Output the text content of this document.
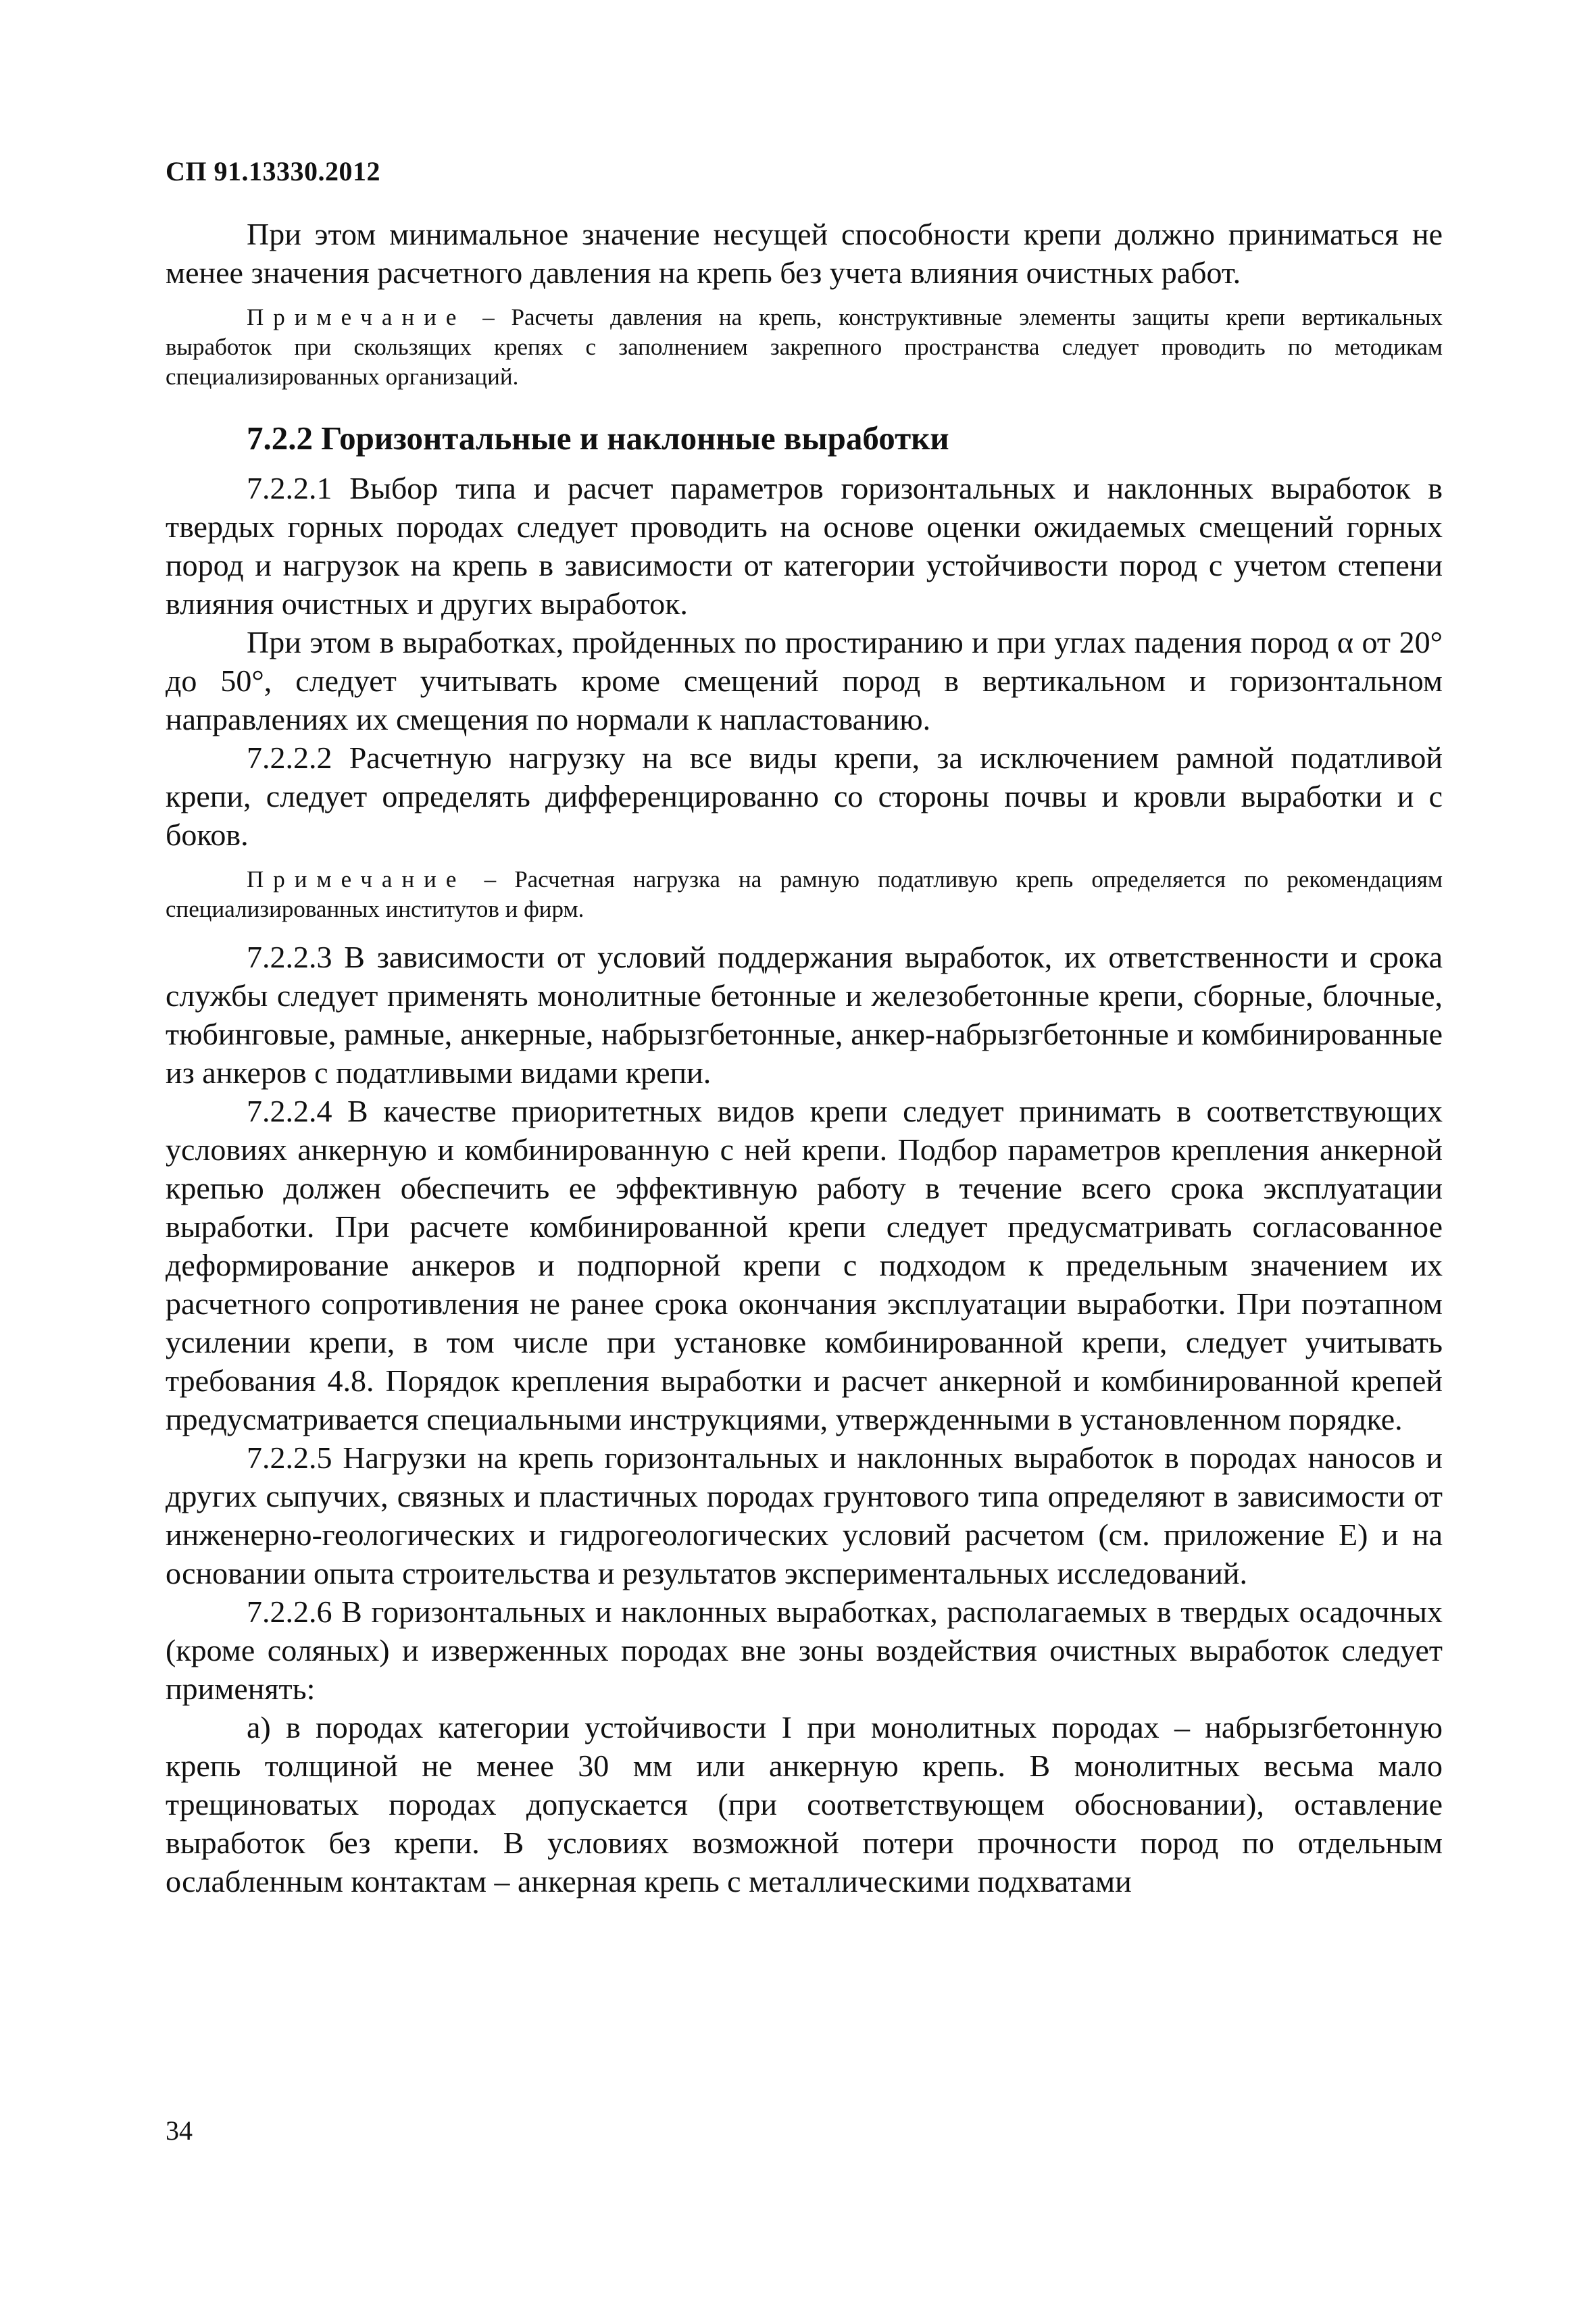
СП 91.13330.2012

При этом минимальное значение несущей способности крепи должно приниматься не менее значения расчетного давления на крепь без учета влияния очистных работ.

Примечание – Расчеты давления на крепь, конструктивные элементы защиты крепи вертикальных выработок при скользящих крепях с заполнением закрепного пространства следует проводить по методикам специализированных организаций.

7.2.2 Горизонтальные и наклонные выработки

7.2.2.1 Выбор типа и расчет параметров горизонтальных и наклонных выработок в твердых горных породах следует проводить на основе оценки ожидаемых смещений горных пород и нагрузок на крепь в зависимости от категории устойчивости пород с учетом степени влияния очистных и других выработок.

При этом в выработках, пройденных по простиранию и при углах падения пород α от 20° до 50°, следует учитывать кроме смещений пород в вертикальном и горизонтальном направлениях их смещения по нормали к напластованию.

7.2.2.2 Расчетную нагрузку на все виды крепи, за исключением рамной податливой крепи, следует определять дифференцированно со стороны почвы и кровли выработки и с боков.

Примечание – Расчетная нагрузка на рамную податливую крепь определяется по рекомендациям специализированных институтов и фирм.

7.2.2.3 В зависимости от условий поддержания выработок, их ответственности и срока службы следует применять монолитные бетонные и железобетонные крепи, сборные, блочные, тюбинговые, рамные, анкерные, набрызгбетонные, анкер-набрызгбетонные и комбинированные из анкеров с податливыми видами крепи.

7.2.2.4 В качестве приоритетных видов крепи следует принимать в соответствующих условиях анкерную и комбинированную с ней крепи. Подбор параметров крепления анкерной крепью должен обеспечить ее эффективную работу в течение всего срока эксплуатации выработки. При расчете комбинированной крепи следует предусматривать согласованное деформирование анкеров и подпорной крепи с подходом к предельным значением их расчетного сопротивления не ранее срока окончания эксплуатации выработки. При поэтапном усилении крепи, в том числе при установке комбинированной крепи, следует учитывать требования 4.8. Порядок крепления выработки и расчет анкерной и комбинированной крепей предусматривается специальными инструкциями, утвержденными в установленном порядке.

7.2.2.5 Нагрузки на крепь горизонтальных и наклонных выработок в породах наносов и других сыпучих, связных и пластичных породах грунтового типа определяют в зависимости от инженерно-геологических и гидрогеологических условий расчетом (см. приложение Е) и на основании опыта строительства и результатов экспериментальных исследований.

7.2.2.6 В горизонтальных и наклонных выработках, располагаемых в твердых осадочных (кроме соляных) и изверженных породах вне зоны воздействия очистных выработок следует применять:

а) в породах категории устойчивости I при монолитных породах – набрызгбетонную крепь толщиной не менее 30 мм или анкерную крепь. В монолитных весьма мало трещиноватых породах допускается (при соответствующем обосновании), оставление выработок без крепи. В условиях возможной потери прочности пород по отдельным ослабленным контактам – анкерная крепь с металлическими подхватами

34
